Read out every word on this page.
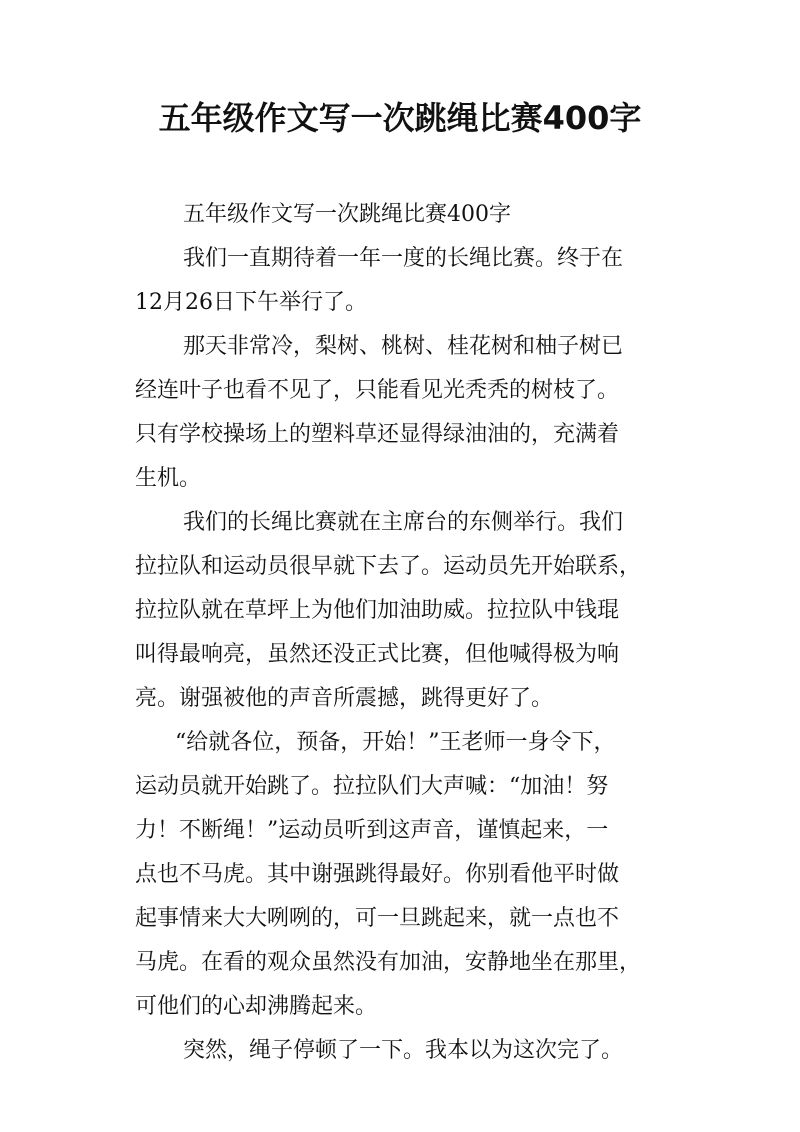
五年级作文写一次跳绳比赛400字
五年级作文写一次跳绳比赛400字
我们一直期待着一年一度的长绳比赛。终于在
12月26日下午举行了。
那天非常冷，梨树、桃树、桂花树和柚子树已
经连叶子也看不见了，只能看见光秃秃的树枝了。
只有学校操场上的塑料草还显得绿油油的，充满着
生机。
我们的长绳比赛就在主席台的东侧举行。我们
拉拉队和运动员很早就下去了。运动员先开始联系，
拉拉队就在草坪上为他们加油助威。拉拉队中钱琨
叫得最响亮，虽然还没正式比赛，但他喊得极为响
亮。谢强被他的声音所震撼，跳得更好了。
“给就各位，预备，开始！”王老师一身令下，
运动员就开始跳了。拉拉队们大声喊：“加油！努
力！不断绳！”运动员听到这声音，谨慎起来，一
点也不马虎。其中谢强跳得最好。你别看他平时做
起事情来大大咧咧的，可一旦跳起来，就一点也不
马虎。在看的观众虽然没有加油，安静地坐在那里，
可他们的心却沸腾起来。
突然，绳子停顿了一下。我本以为这次完了。
